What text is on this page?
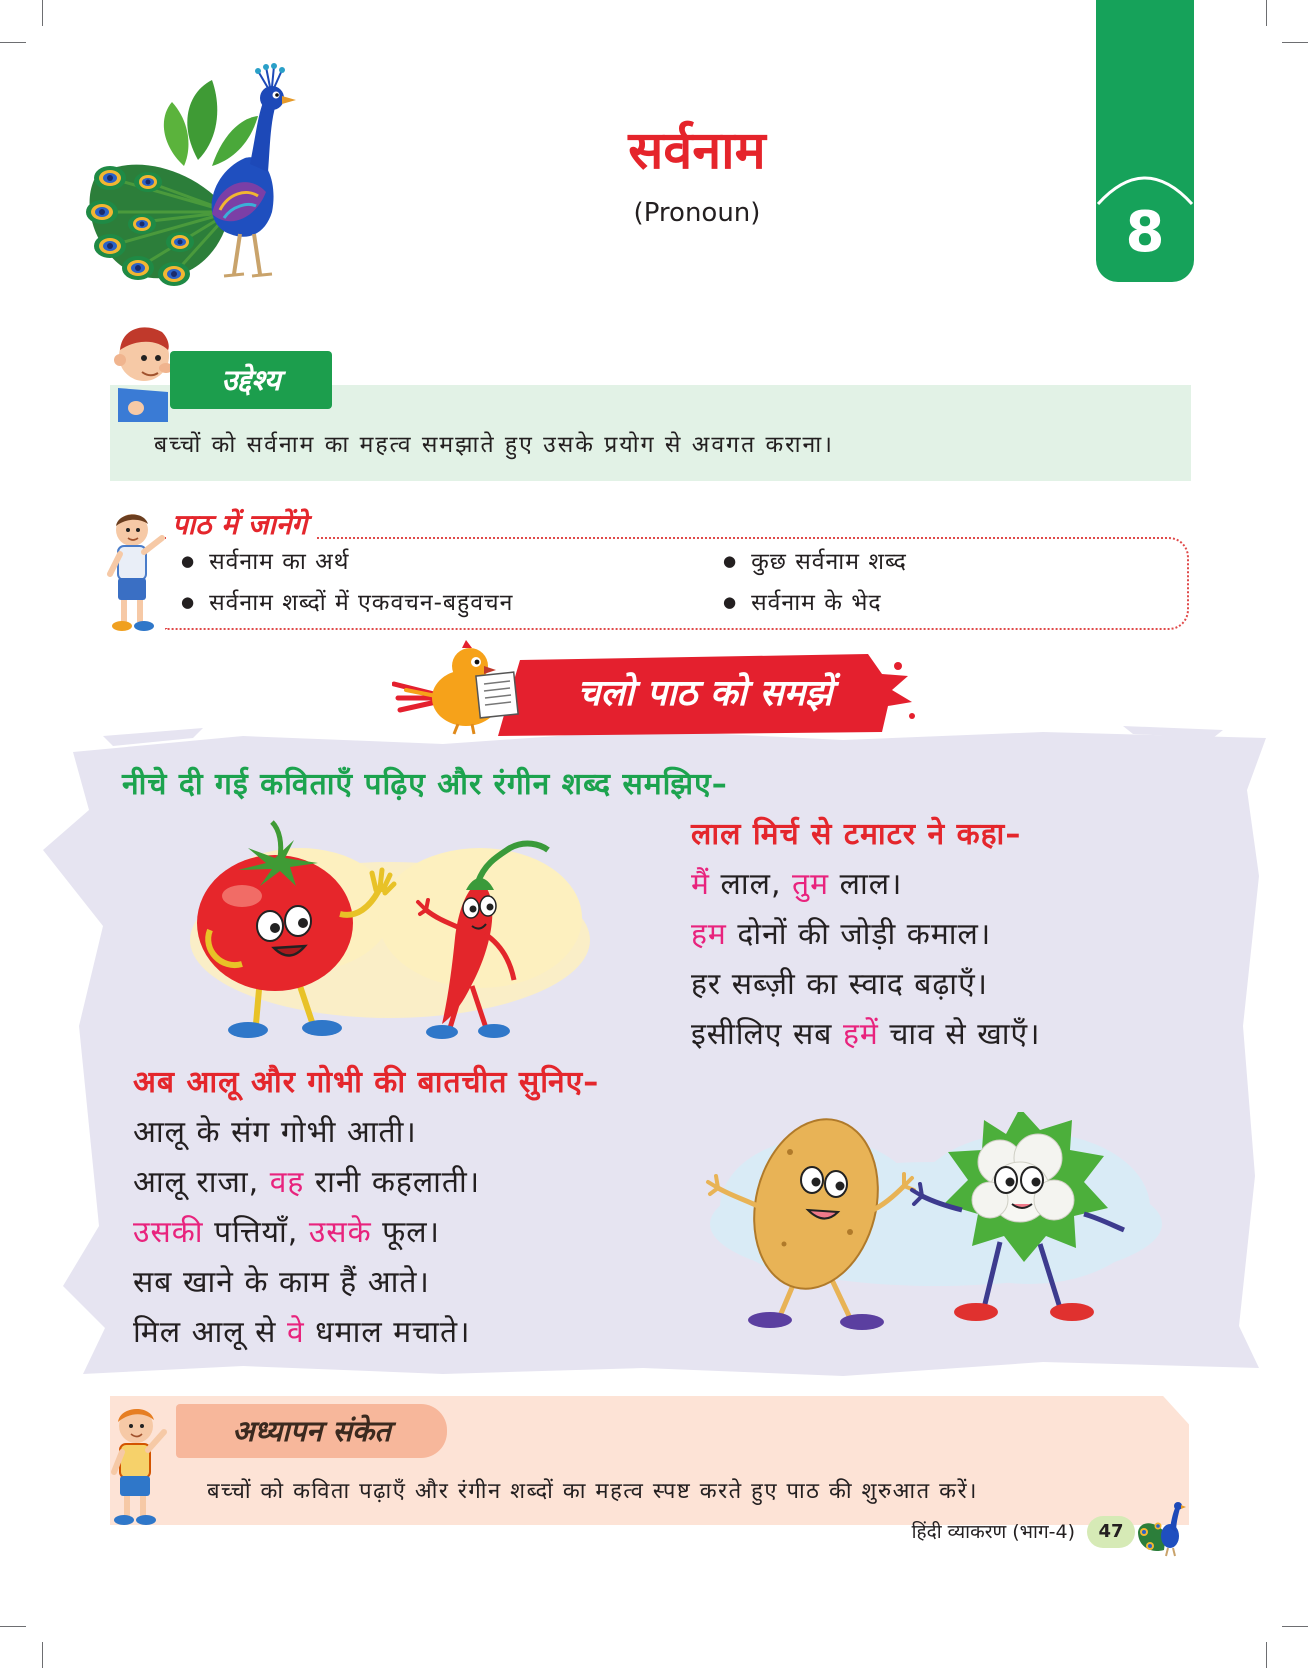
सर्वनाम
(Pronoun)	8
उद्देश्य
बच्चों को सर्वनाम का महत्व समझाते हुए उसके प्रयोग से अवगत कराना।
पाठ में जानेंगे
● सर्वनाम का अर्थ	● कुछ सर्वनाम शब्द
● सर्वनाम शब्दों में एकवचन-बहुवचन	● सर्वनाम के भेद
चलो पाठ को समझें
नीचे दी गई कविताएँ पढ़िए और रंगीन शब्द समझिए–
लाल मिर्च से टमाटर ने कहा–
मैं लाल, तुम लाल।
हम दोनों की जोड़ी कमाल।
हर सब्ज़ी का स्वाद बढ़ाएँ।
इसीलिए सब हमें चाव से खाएँ।
अब आलू और गोभी की बातचीत सुनिए–
आलू के संग गोभी आती।
आलू राजा, वह रानी कहलाती।
उसकी पत्तियाँ, उसके फूल।
सब खाने के काम हैं आते।
मिल आलू से वे धमाल मचाते।
अध्यापन संकेत
बच्चों को कविता पढ़ाएँ और रंगीन शब्दों का महत्व स्पष्ट करते हुए पाठ की शुरुआत करें।
हिंदी व्याकरण (भाग-4)	47
